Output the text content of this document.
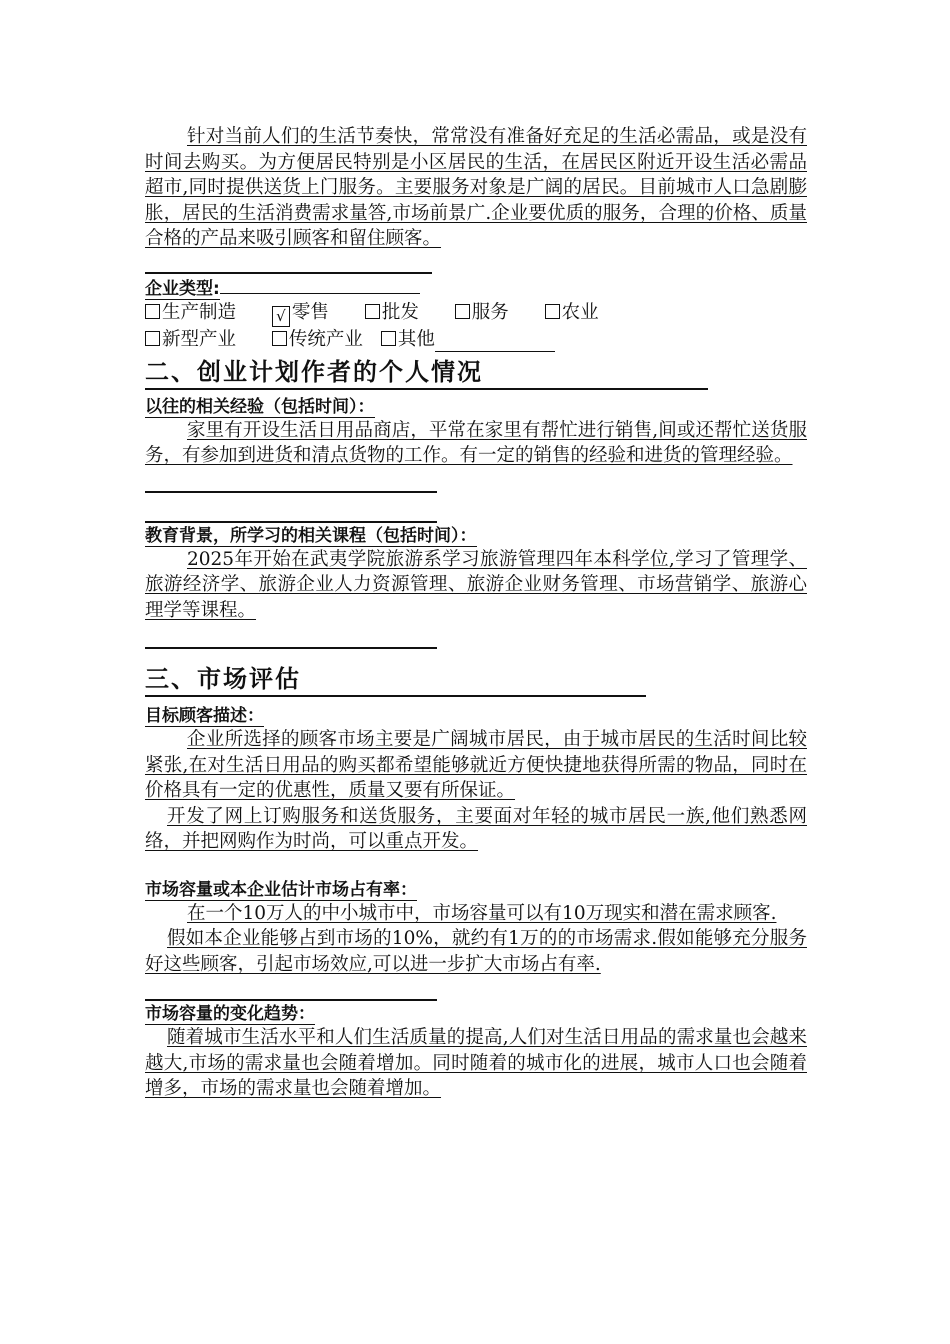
针对当前人们的生活节奏快，常常没有准备好充足的生活必需品，或是没有时间去购买。为方便居民特别是小区居民的生活，在居民区附近开设生活必需品超市,同时提供送货上门服务。主要服务对象是广阔的居民。目前城市人口急剧膨胀，居民的生活消费需求量答,市场前景广.企业要优质的服务，合理的价格、质量合格的产品来吸引顾客和留住顾客。

企业类型:

生产制造	√ 零售	批发	服务	农业
新型产业	传统产业 其他
二、创业计划作者的个人情况

以往的相关经验（包括时间）：

家里有开设生活日用品商店，平常在家里有帮忙进行销售,间或还帮忙送货服务，有参加到进货和清点货物的工作。有一定的销售的经验和进货的管理经验。

教育背景，所学习的相关课程（包括时间）：

2025年开始在武夷学院旅游系学习旅游管理四年本科学位,学习了管理学、旅游经济学、旅游企业人力资源管理、旅游企业财务管理、市场营销学、旅游心理学等课程。

三、市场评估

目标顾客描述：

企业所选择的顾客市场主要是广阔城市居民，由于城市居民的生活时间比较紧张,在对生活日用品的购买都希望能够就近方便快捷地获得所需的物品，同时在价格具有一定的优惠性，质量又要有所保证。

开发了网上订购服务和送货服务，主要面对年轻的城市居民一族,他们熟悉网络，并把网购作为时尚，可以重点开发。

市场容量或本企业估计市场占有率：

在一个10万人的中小城市中，市场容量可以有10万现实和潜在需求顾客.

假如本企业能够占到市场的10%，就约有1万的的市场需求.假如能够充分服务好这些顾客，引起市场效应,可以进一步扩大市场占有率.

市场容量的变化趋势：

随着城市生活水平和人们生活质量的提高,人们对生活日用品的需求量也会越来越大,市场的需求量也会随着增加。同时随着的城市化的进展，城市人口也会随着增多，市场的需求量也会随着增加。
